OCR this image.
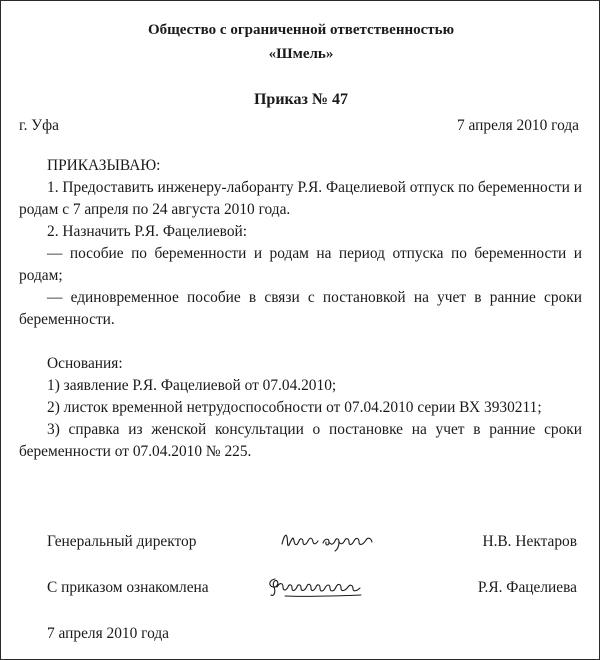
Общество с ограниченной ответственностью
«Шмель»
Приказ № 47
г. Уфа	7 апреля 2010 года

ПРИКАЗЫВАЮ:

1. Предоставить инженеру-лаборанту Р.Я. Фацелиевой отпуск по беременности и родам с 7 апреля по 24 августа 2010 года.

2. Назначить Р.Я. Фацелиевой:

— пособие по беременности и родам на период отпуска по беременности и родам;

— единовременное пособие в связи с постановкой на учет в ранние сроки беременности.

Основания:

1) заявление Р.Я. Фацелиевой от 07.04.2010;

2) листок временной нетрудоспособности от 07.04.2010 серии ВХ 3930211;

3) справка из женской консультации о постановке на учет в ранние сроки беременности от 07.04.2010 № 225.

Генеральный директор	Н.В. Нектаров
С приказом ознакомлена	Р.Я. Фацелиева
7 апреля 2010 года
